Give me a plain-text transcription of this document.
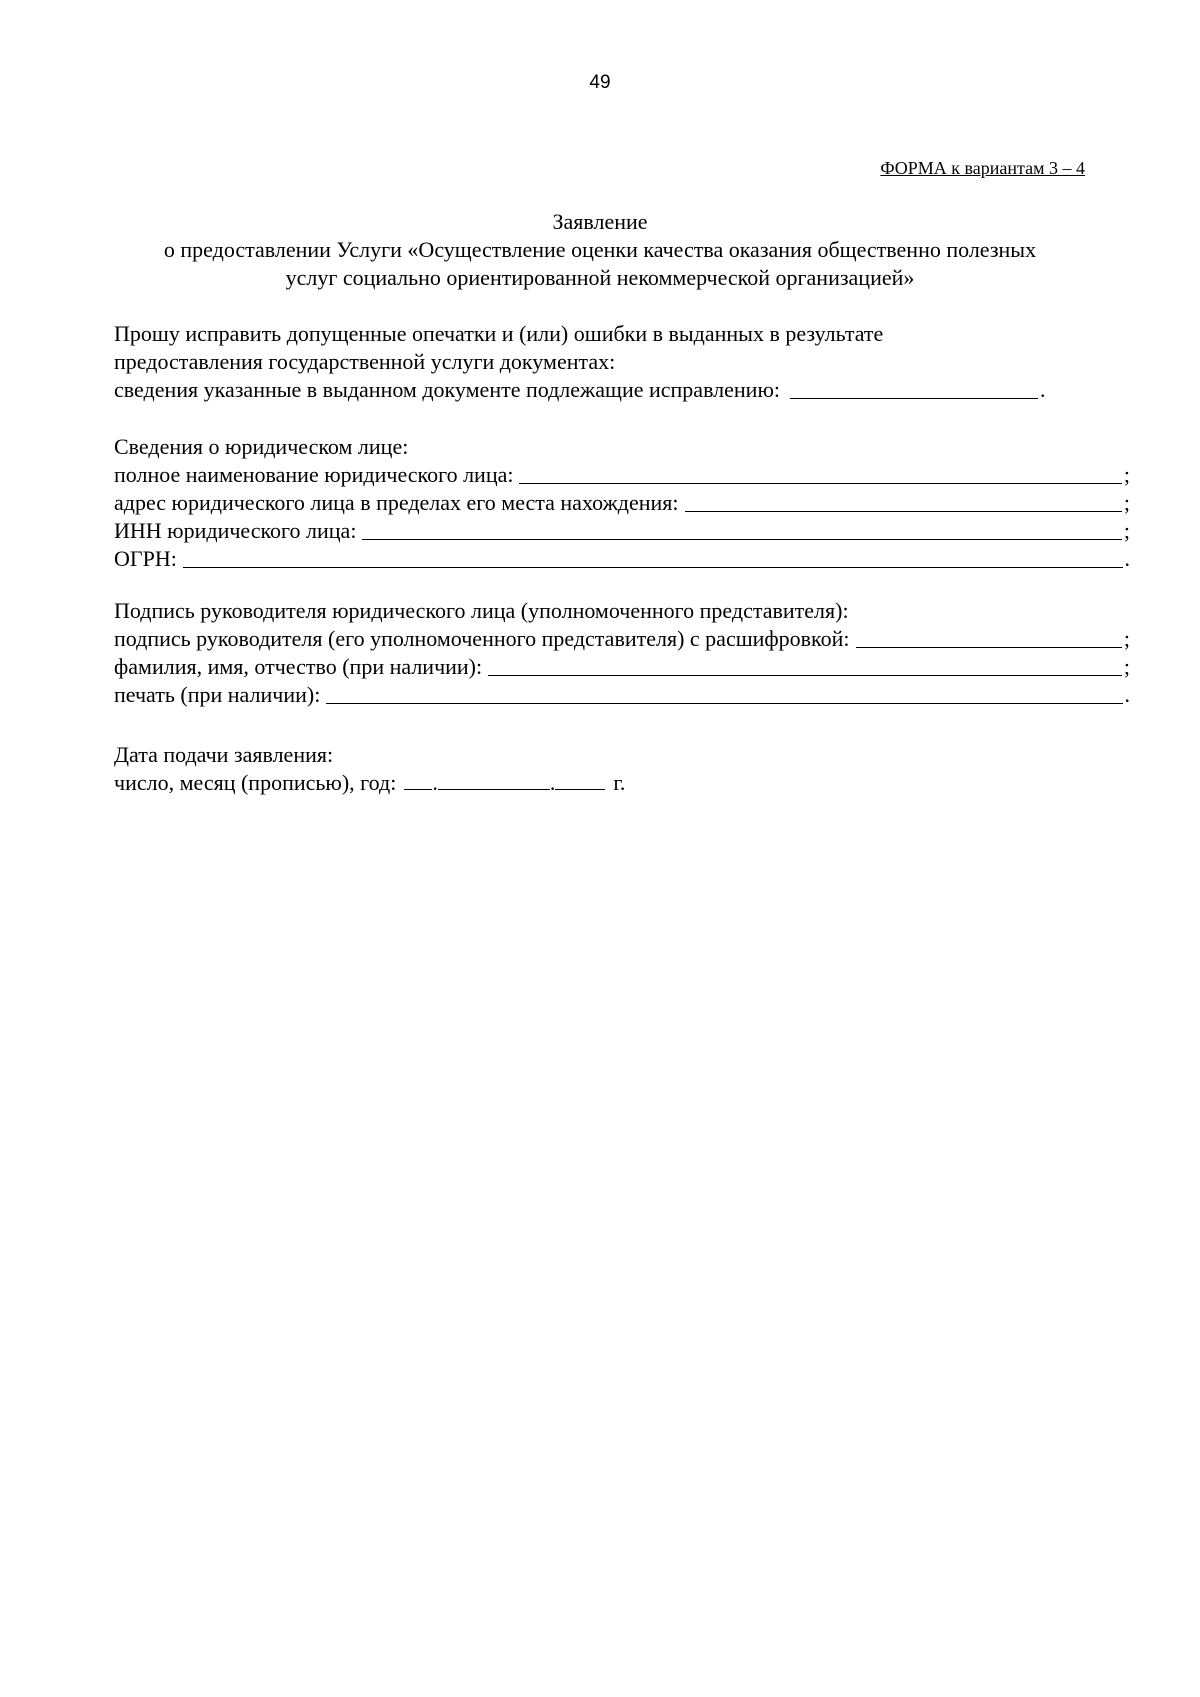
49
ФОРМА к вариантам 3 – 4
Заявление
о предоставлении Услуги «Осуществление оценки качества оказания общественно полезных
услуг социально ориентированной некоммерческой организацией»
Прошу исправить допущенные опечатки и (или) ошибки в выданных в результате
предоставления государственной услуги документах:
сведения указанные в выданном документе подлежащие исправлению:	.
Сведения о юридическом лице:
полное наименование юридического лица:	;
адрес юридического лица в пределах его места нахождения:	;
ИНН юридического лица:	;
ОГРН:	.
Подпись руководителя юридического лица (уполномоченного представителя):
подпись руководителя (его уполномоченного представителя) с расшифровкой:	;
фамилия, имя, отчество (при наличии):	;
печать (при наличии):	.
Дата подачи заявления:
число, месяц (прописью), год: .	.	г.
